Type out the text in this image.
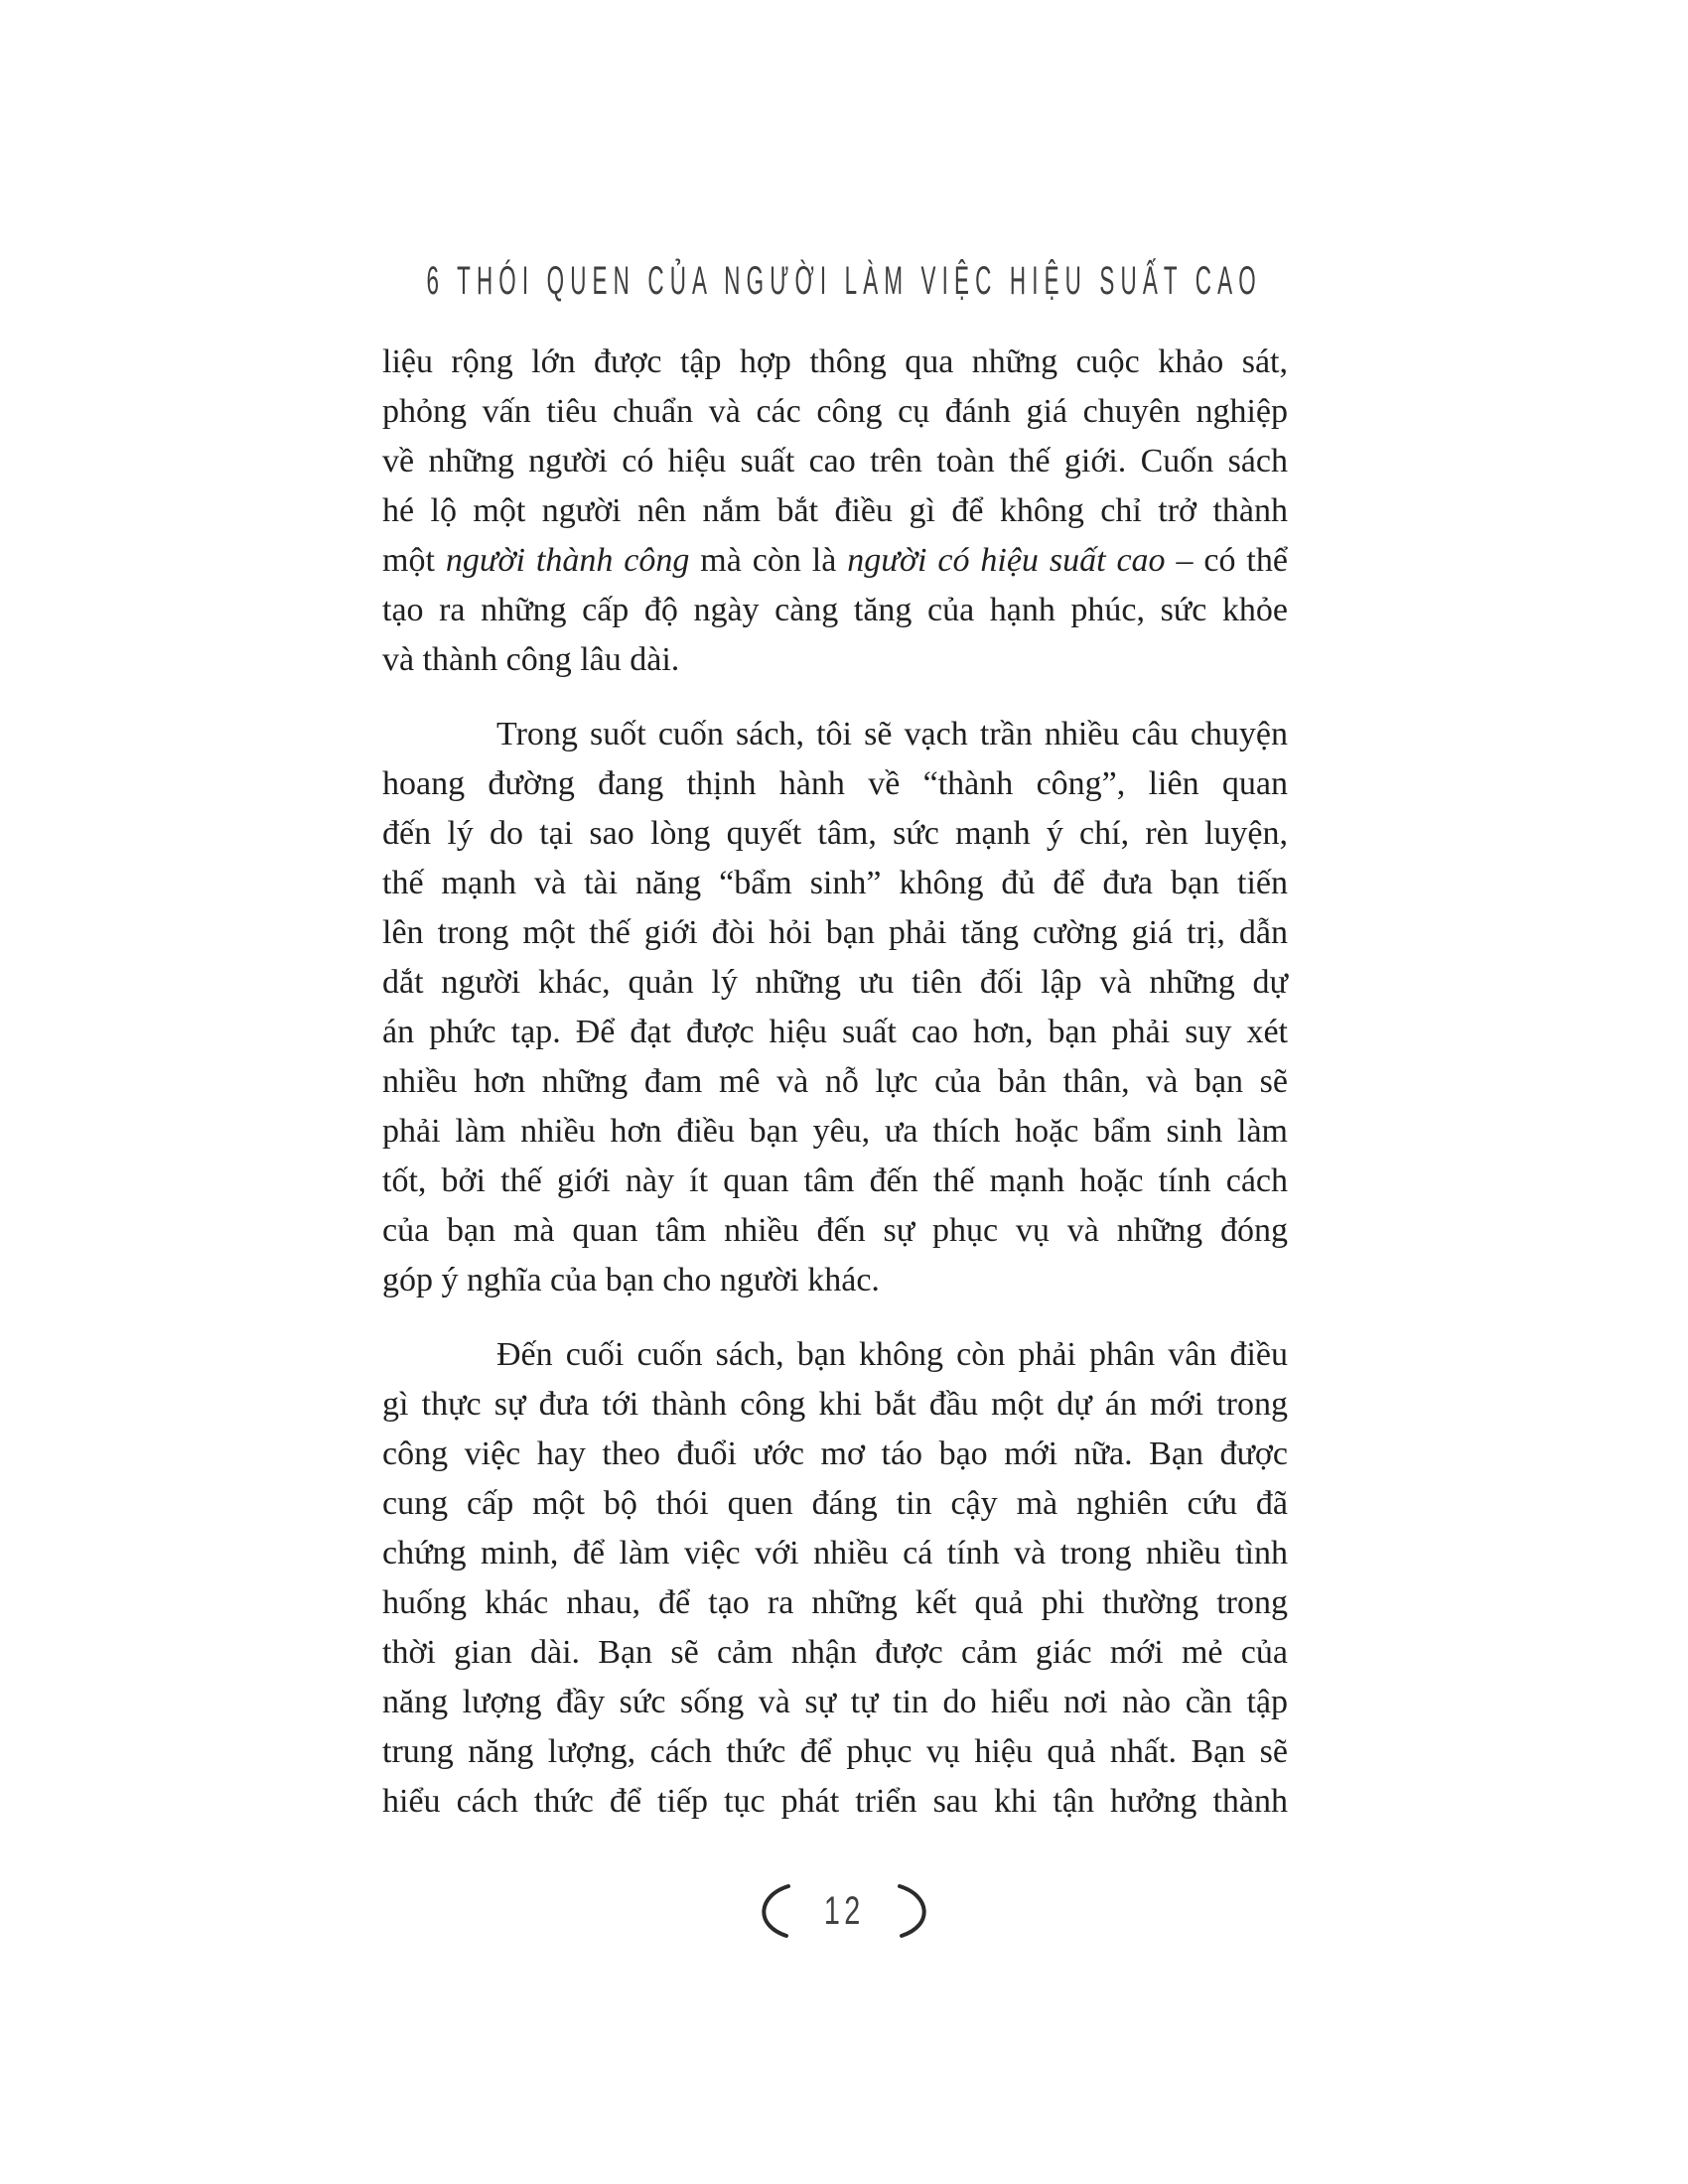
6 THÓI QUEN CỦA NGƯỜI LÀM VIỆC HIỆU SUẤT CAO
liệu rộng lớn được tập hợp thông qua những cuộc khảo sát,
phỏng vấn tiêu chuẩn và các công cụ đánh giá chuyên nghiệp
về những người có hiệu suất cao trên toàn thế giới. Cuốn sách
hé lộ một người nên nắm bắt điều gì để không chỉ trở thành
một người thành công mà còn là người có hiệu suất cao – có thể
tạo ra những cấp độ ngày càng tăng của hạnh phúc, sức khỏe
và thành công lâu dài.
Trong suốt cuốn sách, tôi sẽ vạch trần nhiều câu chuyện
hoang đường đang thịnh hành về “thành công”, liên quan
đến lý do tại sao lòng quyết tâm, sức mạnh ý chí, rèn luyện,
thế mạnh và tài năng “bẩm sinh” không đủ để đưa bạn tiến
lên trong một thế giới đòi hỏi bạn phải tăng cường giá trị, dẫn
dắt người khác, quản lý những ưu tiên đối lập và những dự
án phức tạp. Để đạt được hiệu suất cao hơn, bạn phải suy xét
nhiều hơn những đam mê và nỗ lực của bản thân, và bạn sẽ
phải làm nhiều hơn điều bạn yêu, ưa thích hoặc bẩm sinh làm
tốt, bởi thế giới này ít quan tâm đến thế mạnh hoặc tính cách
của bạn mà quan tâm nhiều đến sự phục vụ và những đóng
góp ý nghĩa của bạn cho người khác.
Đến cuối cuốn sách, bạn không còn phải phân vân điều
gì thực sự đưa tới thành công khi bắt đầu một dự án mới trong
công việc hay theo đuổi ước mơ táo bạo mới nữa. Bạn được
cung cấp một bộ thói quen đáng tin cậy mà nghiên cứu đã
chứng minh, để làm việc với nhiều cá tính và trong nhiều tình
huống khác nhau, để tạo ra những kết quả phi thường trong
thời gian dài. Bạn sẽ cảm nhận được cảm giác mới mẻ của
năng lượng đầy sức sống và sự tự tin do hiểu nơi nào cần tập
trung năng lượng, cách thức để phục vụ hiệu quả nhất. Bạn sẽ
hiểu cách thức để tiếp tục phát triển sau khi tận hưởng thành
12
